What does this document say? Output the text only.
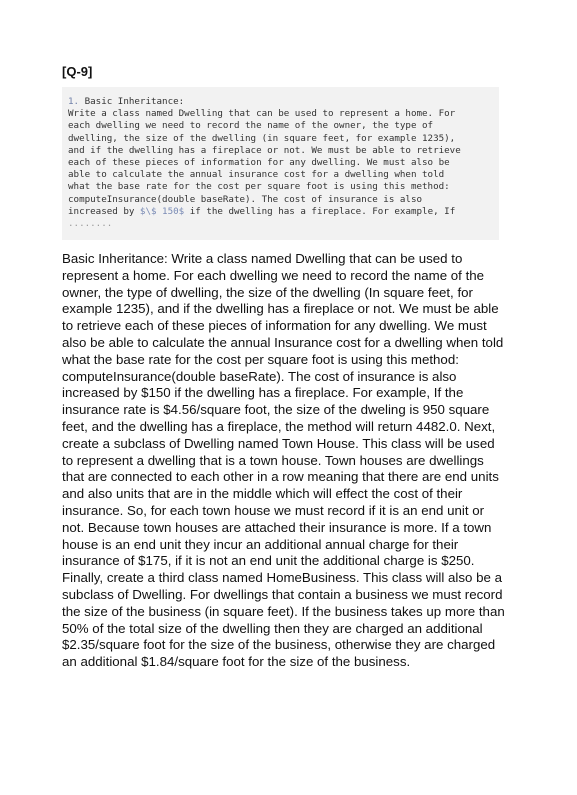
[Q-9]
1. Basic Inheritance:
Write a class named Dwelling that can be used to represent a home. For
each dwelling we need to record the name of the owner, the type of
dwelling, the size of the dwelling (in square feet, for example 1235),
and if the dwelling has a fireplace or not. We must be able to retrieve
each of these pieces of information for any dwelling. We must also be
able to calculate the annual insurance cost for a dwelling when told
what the base rate for the cost per square foot is using this method:
computeInsurance(double baseRate). The cost of insurance is also
increased by $\$ 150$ if the dwelling has a fireplace. For example, If
........
Basic Inheritance: Write a class named Dwelling that can be used to
represent a home. For each dwelling we need to record the name of the
owner, the type of dwelling, the size of the dwelling (In square feet, for
example 1235), and if the dwelling has a fireplace or not. We must be able
to retrieve each of these pieces of information for any dwelling. We must
also be able to calculate the annual Insurance cost for a dwelling when told
what the base rate for the cost per square foot is using this method:
computeInsurance(double baseRate). The cost of insurance is also
increased by $150 if the dwelling has a fireplace. For example, If the
insurance rate is $4.56/square foot, the size of the dweling is 950 square
feet, and the dwelling has a fireplace, the method will return 4482.0. Next,
create a subclass of Dwelling named Town House. This class will be used
to represent a dwelling that is a town house. Town houses are dwellings
that are connected to each other in a row meaning that there are end units
and also units that are in the middle which will effect the cost of their
insurance. So, for each town house we must record if it is an end unit or
not. Because town houses are attached their insurance is more. If a town
house is an end unit they incur an additional annual charge for their
insurance of $175, if it is not an end unit the additional charge is $250.
Finally, create a third class named HomeBusiness. This class will also be a
subclass of Dwelling. For dwellings that contain a business we must record
the size of the business (in square feet). If the business takes up more than
50% of the total size of the dwelling then they are charged an additional
$2.35/square foot for the size of the business, otherwise they are charged
an additional $1.84/square foot for the size of the business.
